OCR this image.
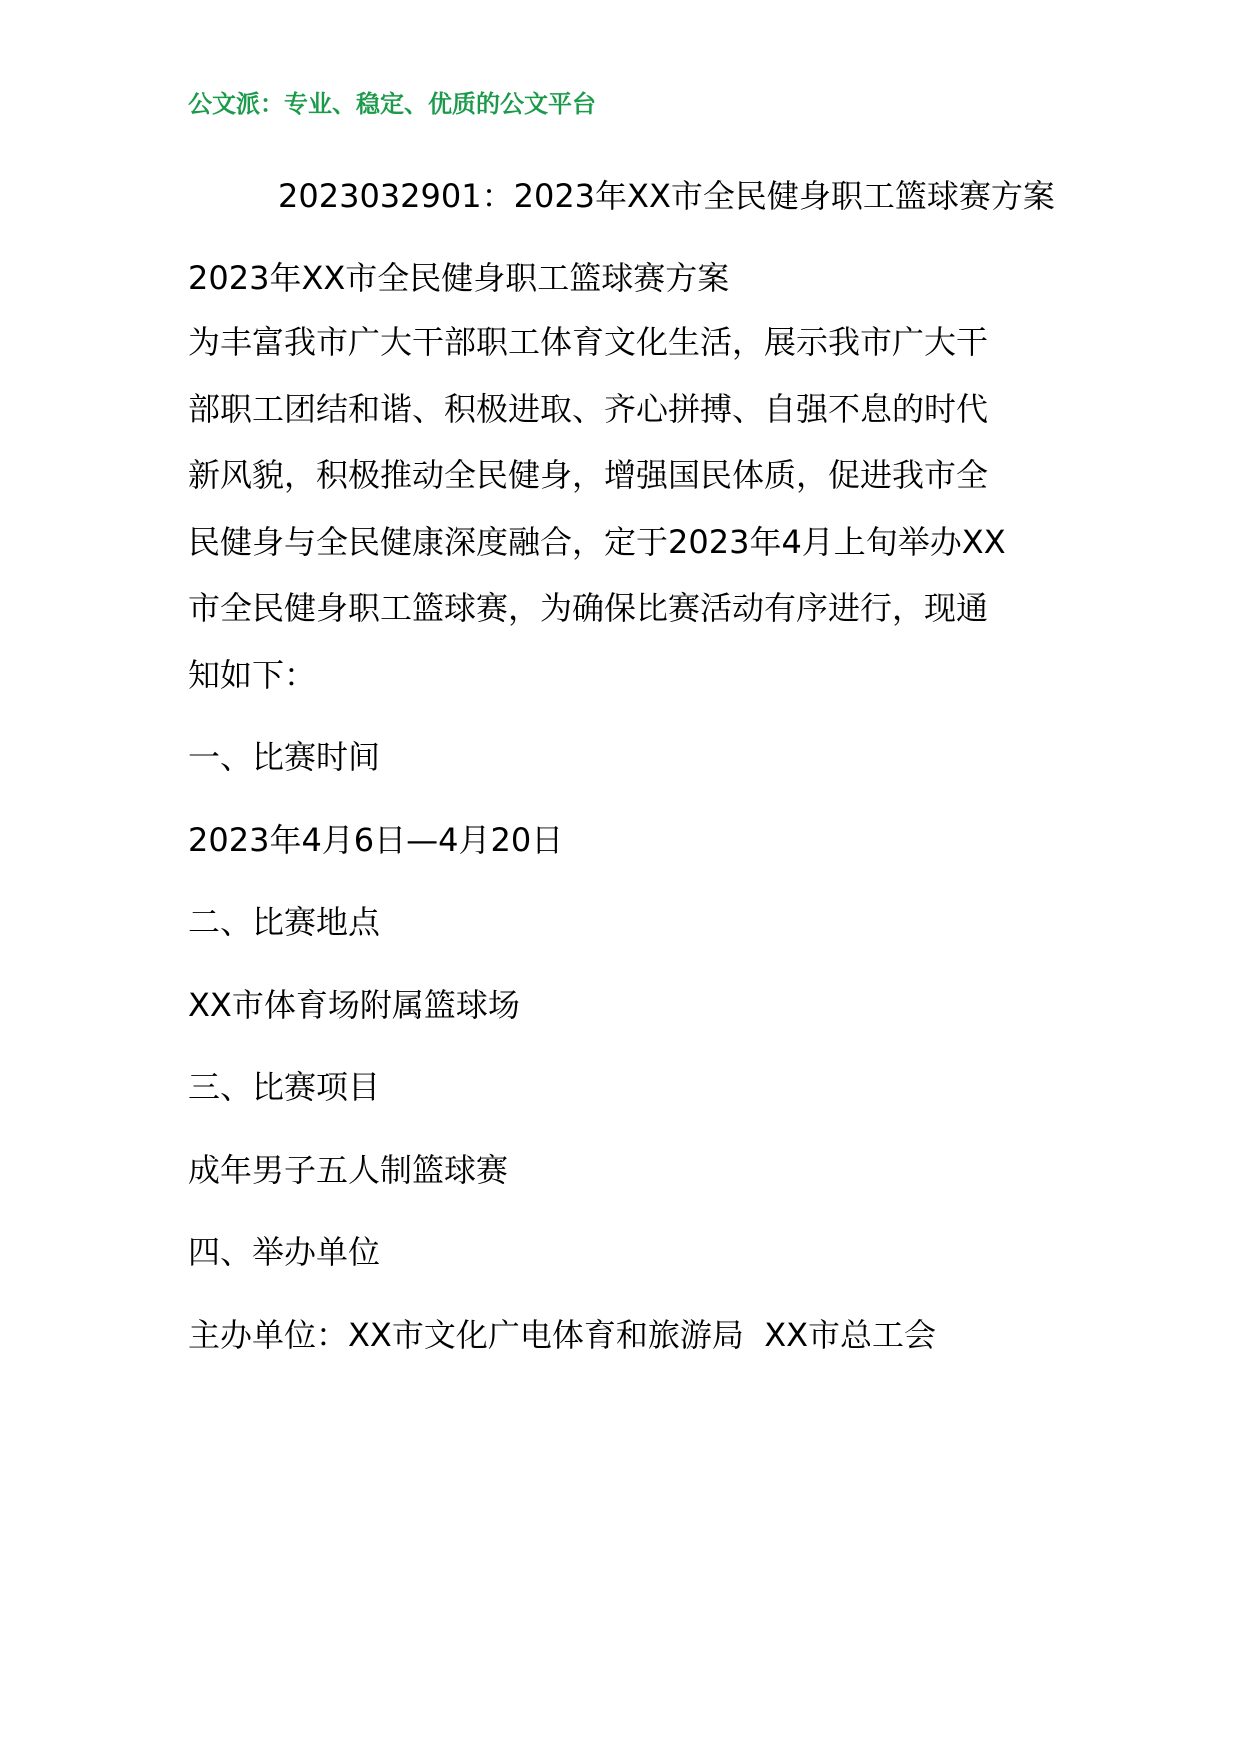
公文派：专业、稳定、优质的公文平台

2023032901：2023年XX市全民健身职工篮球赛方案

2023年XX市全民健身职工篮球赛方案

为丰富我市广大干部职工体育文化生活，展示我市广大干

部职工团结和谐、积极进取、齐心拼搏、自强不息的时代

新风貌，积极推动全民健身，增强国民体质，促进我市全

民健身与全民健康深度融合，定于2023年4月上旬举办XX

市全民健身职工篮球赛，为确保比赛活动有序进行，现通

知如下：

一、比赛时间

2023年4月6日—4月20日

二、比赛地点

XX市体育场附属篮球场

三、比赛项目

成年男子五人制篮球赛

四、举办单位

主办单位：XX市文化广电体育和旅游局  XX市总工会
